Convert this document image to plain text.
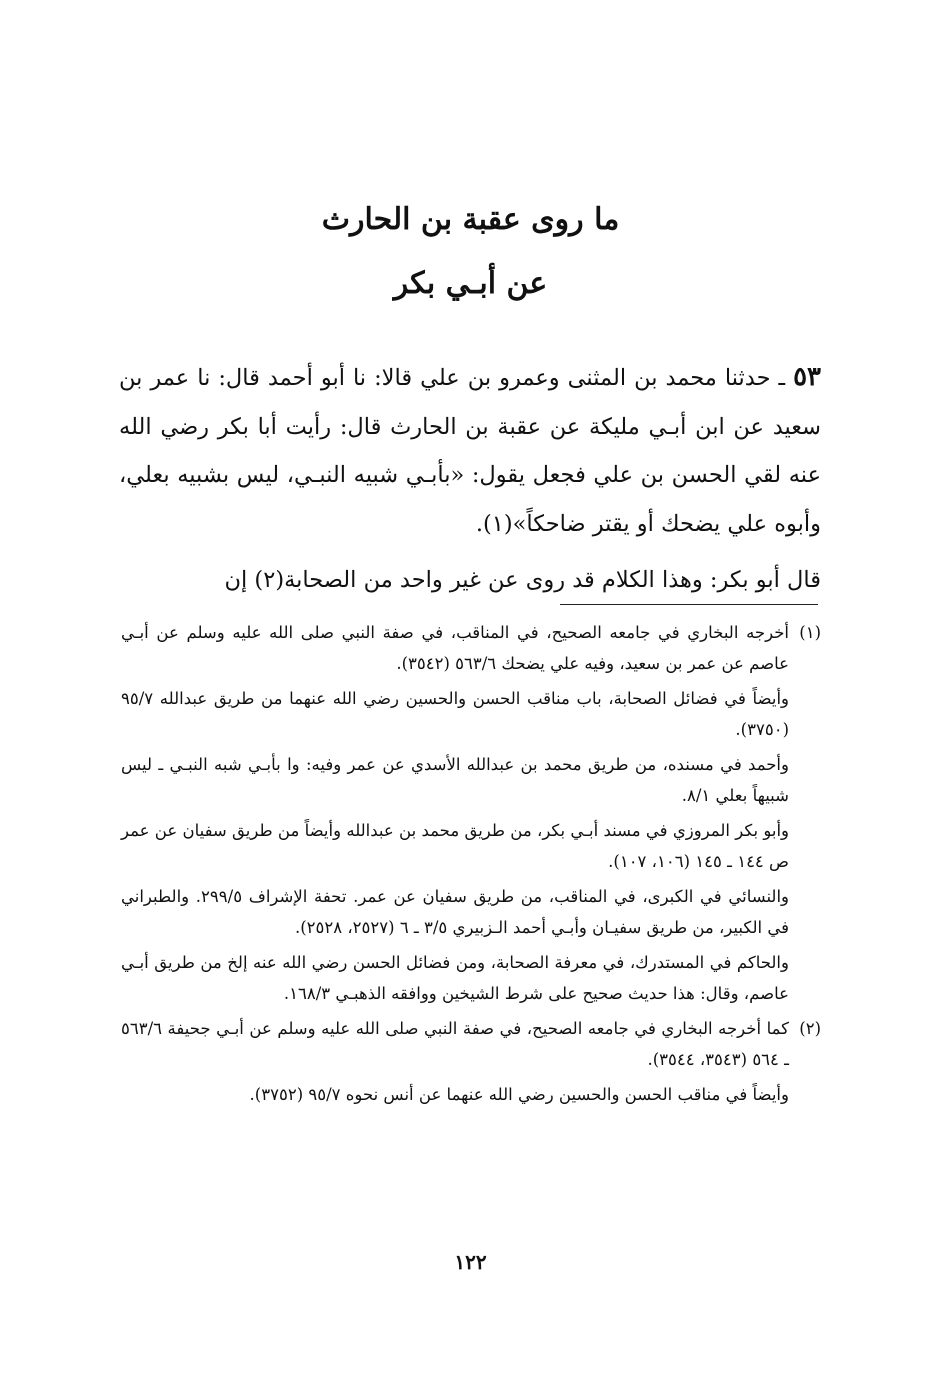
ما روى عقبة بن الحارث

عن أبـي بكر

٥٣ ـ حدثنا محمد بن المثنى وعمرو بن علي قالا: نا أبو أحمد قال: نا عمر بن سعيد عن ابن أبـي مليكة عن عقبة بن الحارث قال: رأيت أبا بكر رضي الله عنه لقي الحسن بن علي فجعل يقول: «بأبـي شبيه النبـي، ليس بشبيه بعلي، وأبوه علي يضحك أو يقتر ضاحكاً»(١).

قال أبو بكر: وهذا الكلام قد روى عن غير واحد من الصحابة(٢) إن

(١)

أخرجه البخاري في جامعه الصحيح، في المناقب، في صفة النبي صلى الله عليه وسلم عن أبـي عاصم عن عمر بن سعيد، وفيه علي يضحك ٥٦٣/٦ (٣٥٤٢).

وأيضاً في فضائل الصحابة، باب مناقب الحسن والحسين رضي الله عنهما من طريق عبدالله ٩٥/٧ (٣٧٥٠).

وأحمد في مسنده، من طريق محمد بن عبدالله الأسدي عن عمر وفيه: وا بأبـي شبه النبـي ـ ليس شبيهاً بعلي ٨/١.

وأبو بكر المروزي في مسند أبـي بكر، من طريق محمد بن عبدالله وأيضاً من طريق سفيان عن عمر ص ١٤٤ ـ ١٤٥ (١٠٦، ١٠٧).

والنسائي في الكبرى، في المناقب، من طريق سفيان عن عمر. تحفة الإشراف ٢٩٩/٥. والطبراني في الكبير، من طريق سفيـان وأبـي أحمد الـزبيري ٣/٥ ـ ٦ (٢٥٢٧، ٢٥٢٨).

والحاكم في المستدرك، في معرفة الصحابة، ومن فضائل الحسن رضي الله عنه إلخ من طريق أبـي عاصم، وقال: هذا حديث صحيح على شرط الشيخين ووافقه الذهبـي ١٦٨/٣.

(٢)

كما أخرجه البخاري في جامعه الصحيح، في صفة النبي صلى الله عليه وسلم عن أبـي جحيفة ٥٦٣/٦ ـ ٥٦٤ (٣٥٤٣، ٣٥٤٤).

وأيضاً في مناقب الحسن والحسين رضي الله عنهما عن أنس نحوه ٩٥/٧ (٣٧٥٢).

١٢٢
